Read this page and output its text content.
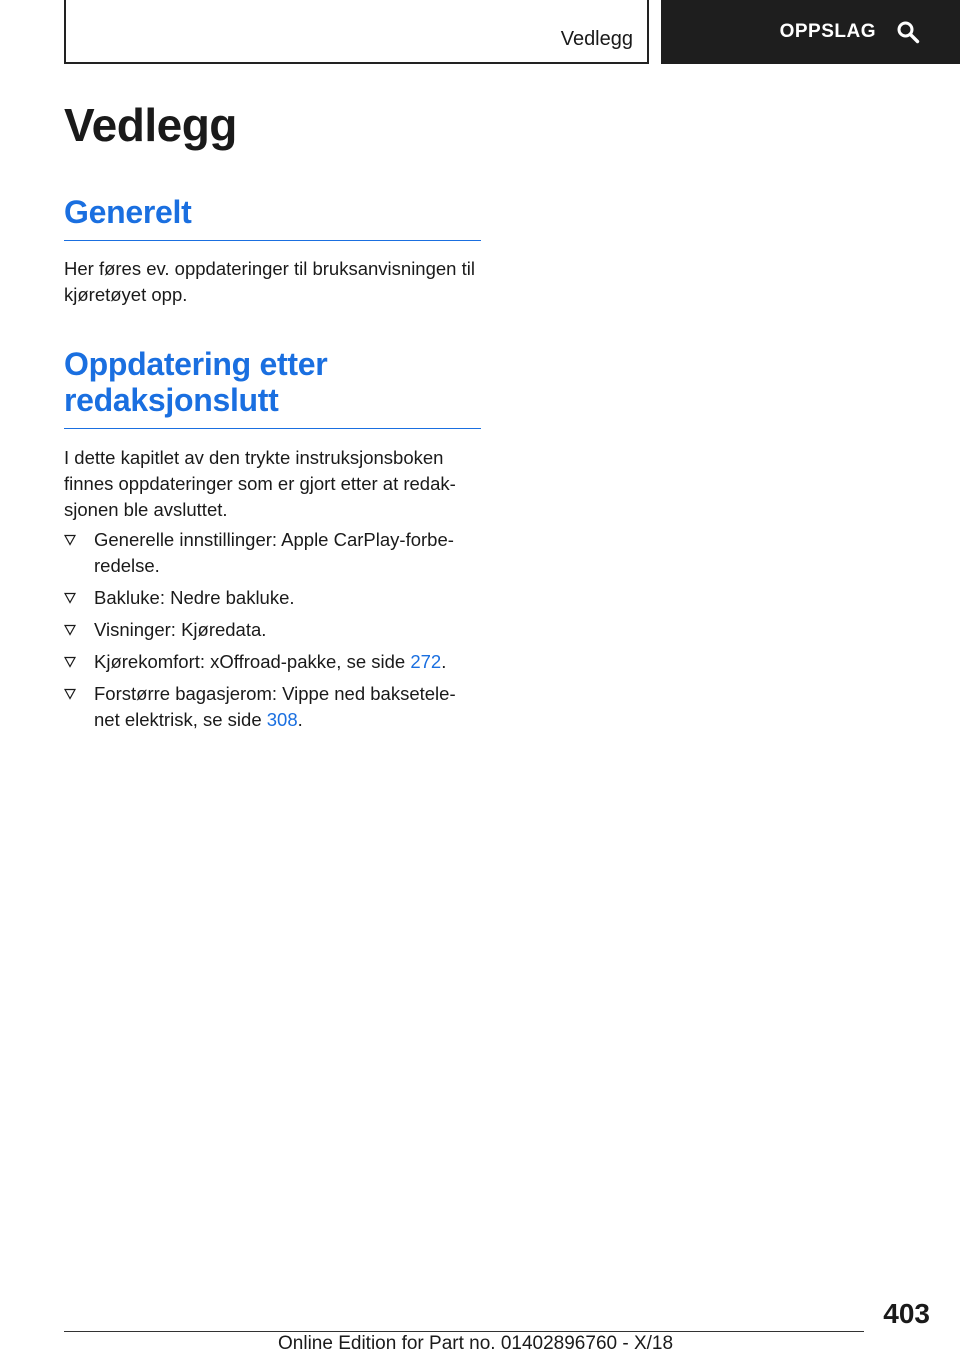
Vedlegg	OPPSLAG
Vedlegg
Generelt

Her føres ev. oppdateringer til bruksanvisningen til kjøretøyet opp.

Oppdatering etter redaksjonslutt

I dette kapitlet av den trykte instruksjonsboken finnes oppdateringer som er gjort etter at redak-sjonen ble avsluttet.

Generelle innstillinger: Apple CarPlay-forbe-redelse.
Bakluke: Nedre bakluke.
Visninger: Kjøredata.
Kjørekomfort: xOffroad-pakke, se side 272.
Forstørre bagasjerom: Vippe ned baksetele-net elektrisk, se side 308.
403
Online Edition for Part no. 01402896760 - X/18
